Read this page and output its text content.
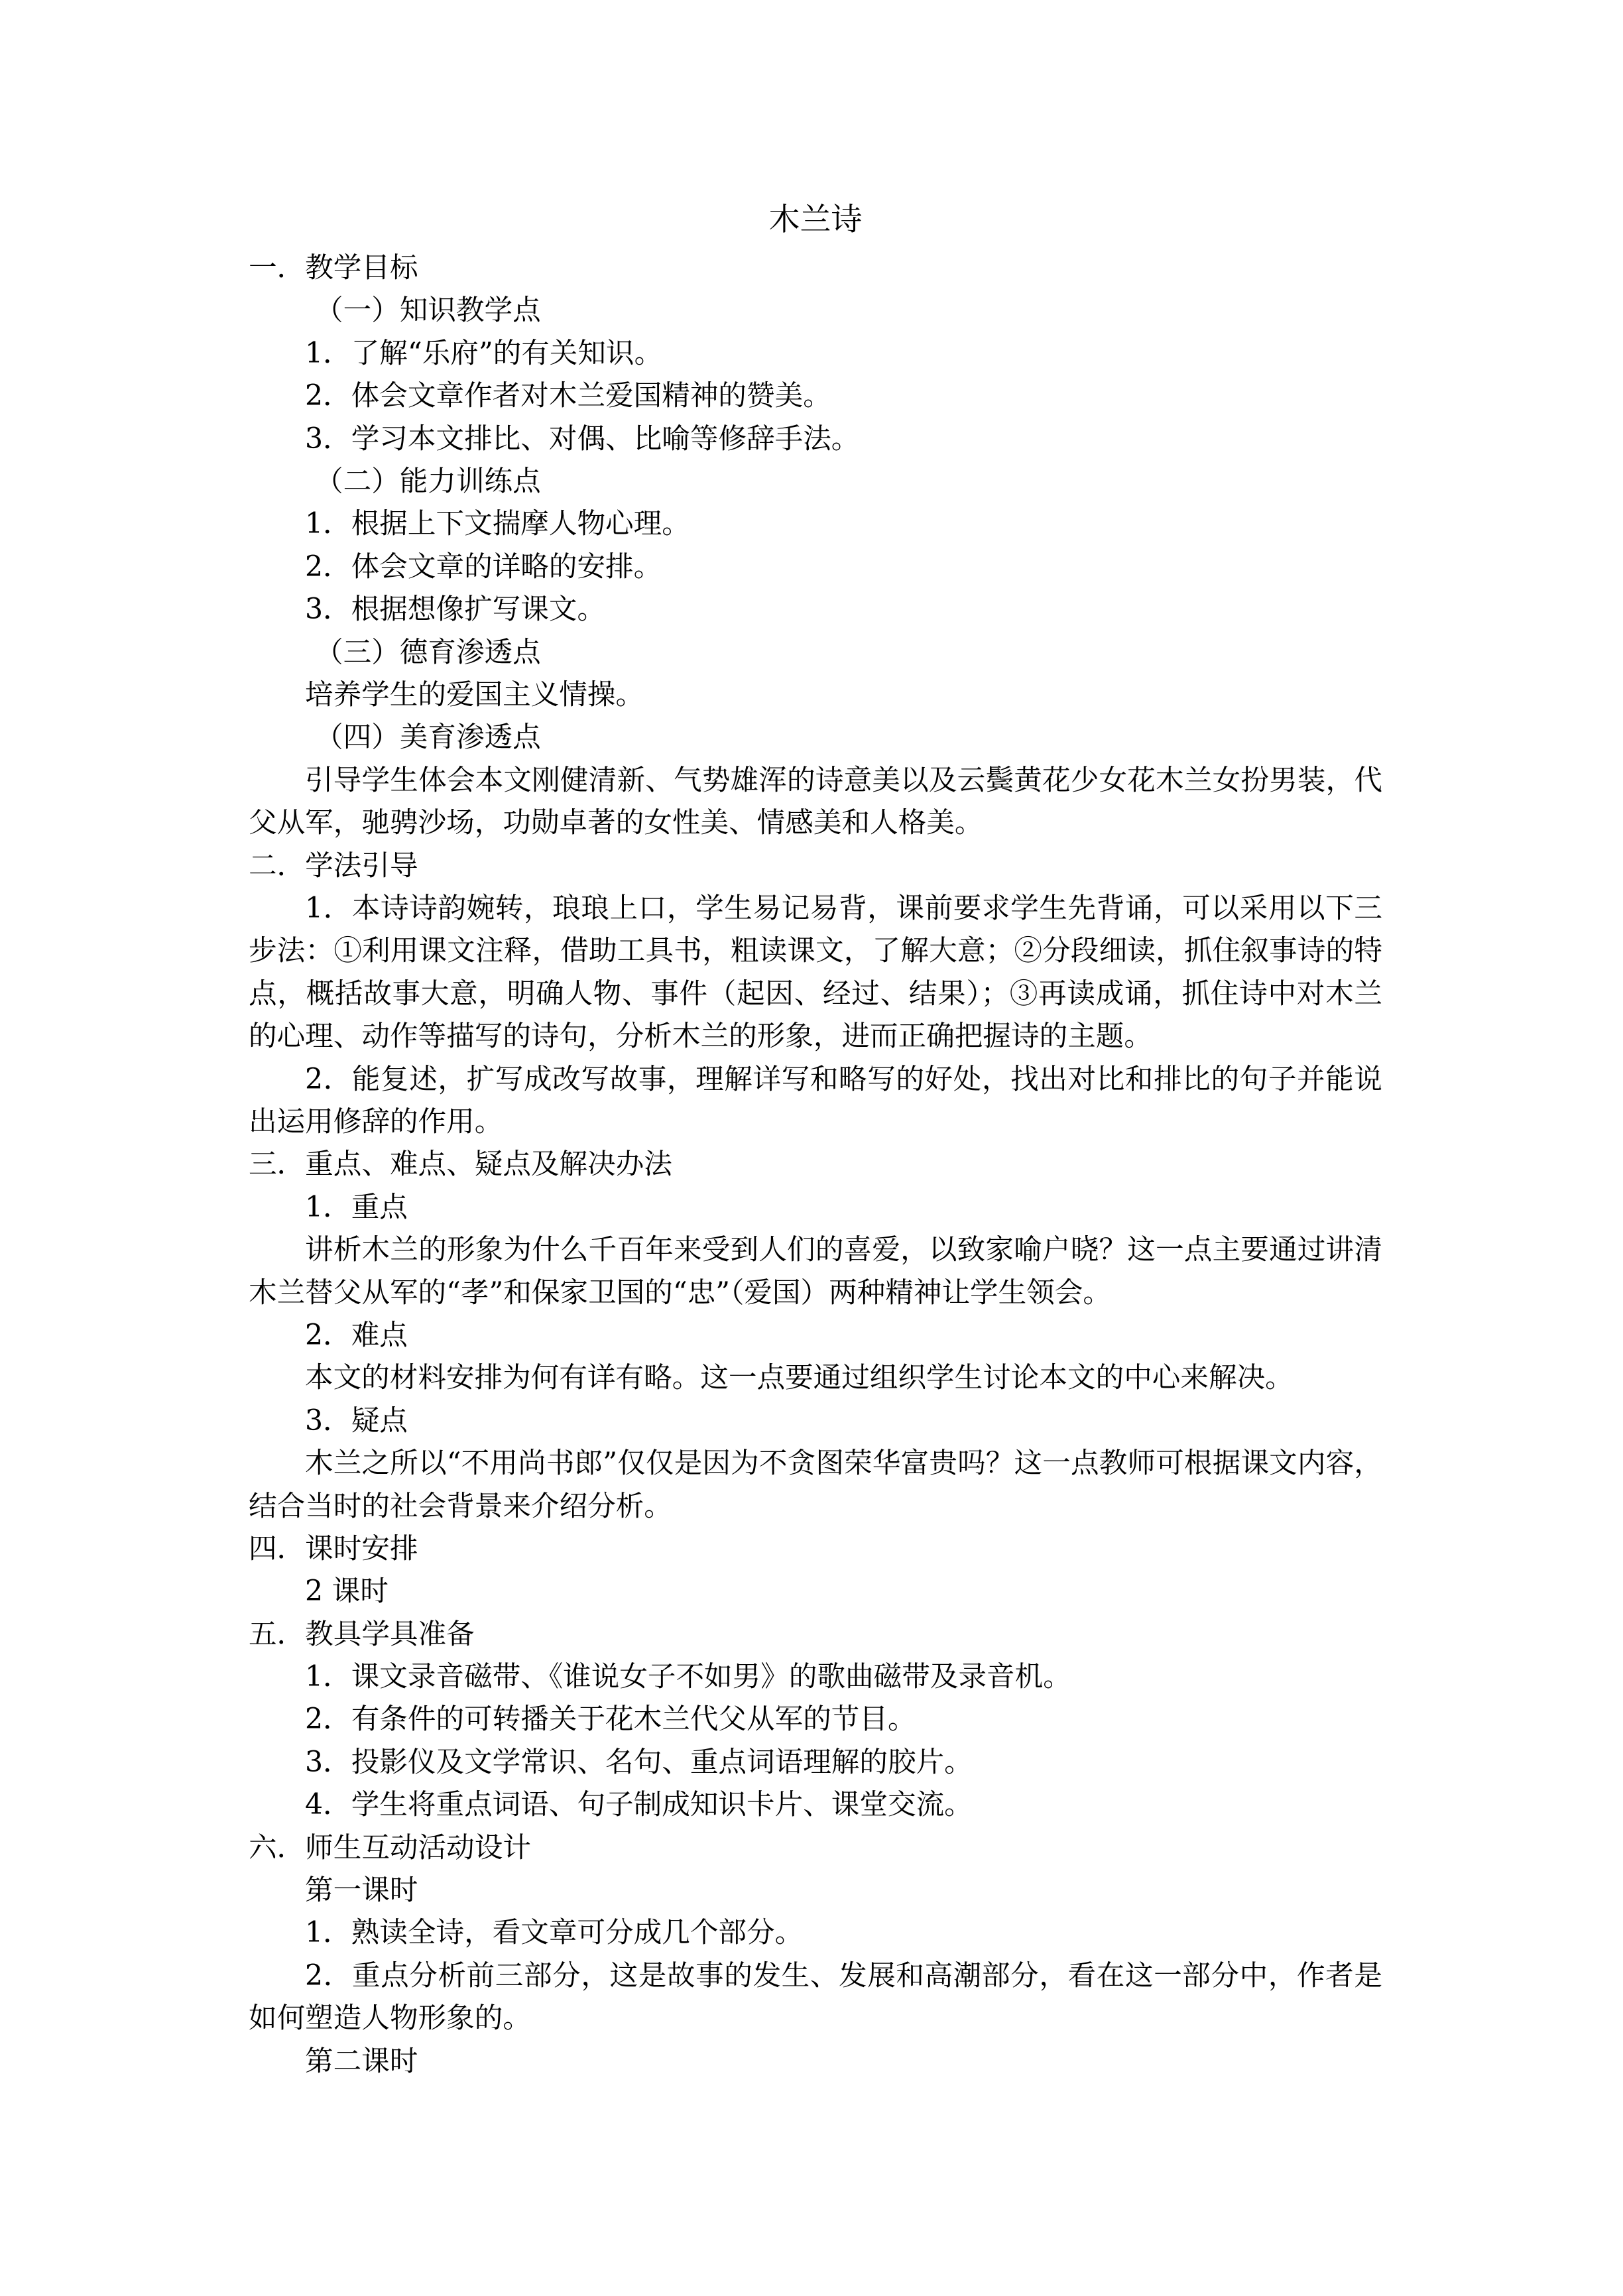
木兰诗
一．教学目标
（一）知识教学点
1．了解“乐府”的有关知识。
2．体会文章作者对木兰爱国精神的赞美。
3．学习本文排比、对偶、比喻等修辞手法。
（二）能力训练点
1．根据上下文揣摩人物心理。
2．体会文章的详略的安排。
3．根据想像扩写课文。
（三）德育渗透点
培养学生的爱国主义情操。
（四）美育渗透点
引导学生体会本文刚健清新、气势雄浑的诗意美以及云鬓黄花少女花木兰女扮男装，代父从军，驰骋沙场，功勋卓著的女性美、情感美和人格美。
二．学法引导
1．本诗诗韵婉转，琅琅上口，学生易记易背，课前要求学生先背诵，可以采用以下三步法：①利用课文注释，借助工具书，粗读课文，了解大意；②分段细读，抓住叙事诗的特点，概括故事大意，明确人物、事件（起因、经过、结果）；③再读成诵，抓住诗中对木兰的心理、动作等描写的诗句，分析木兰的形象，进而正确把握诗的主题。
2．能复述，扩写成改写故事，理解详写和略写的好处，找出对比和排比的句子并能说出运用修辞的作用。
三．重点、难点、疑点及解决办法
1．重点
讲析木兰的形象为什么千百年来受到人们的喜爱，以致家喻户晓？这一点主要通过讲清木兰替父从军的“孝”和保家卫国的“忠”（爱国）两种精神让学生领会。
2．难点
本文的材料安排为何有详有略。这一点要通过组织学生讨论本文的中心来解决。
3．疑点
木兰之所以“不用尚书郎”仅仅是因为不贪图荣华富贵吗？这一点教师可根据课文内容，结合当时的社会背景来介绍分析。
四．课时安排
2 课时
五．教具学具准备
1．课文录音磁带、《谁说女子不如男》的歌曲磁带及录音机。
2．有条件的可转播关于花木兰代父从军的节目。
3．投影仪及文学常识、名句、重点词语理解的胶片。
4．学生将重点词语、句子制成知识卡片、课堂交流。
六．师生互动活动设计
第一课时
1．熟读全诗，看文章可分成几个部分。
2．重点分析前三部分，这是故事的发生、发展和高潮部分，看在这一部分中，作者是如何塑造人物形象的。
第二课时
